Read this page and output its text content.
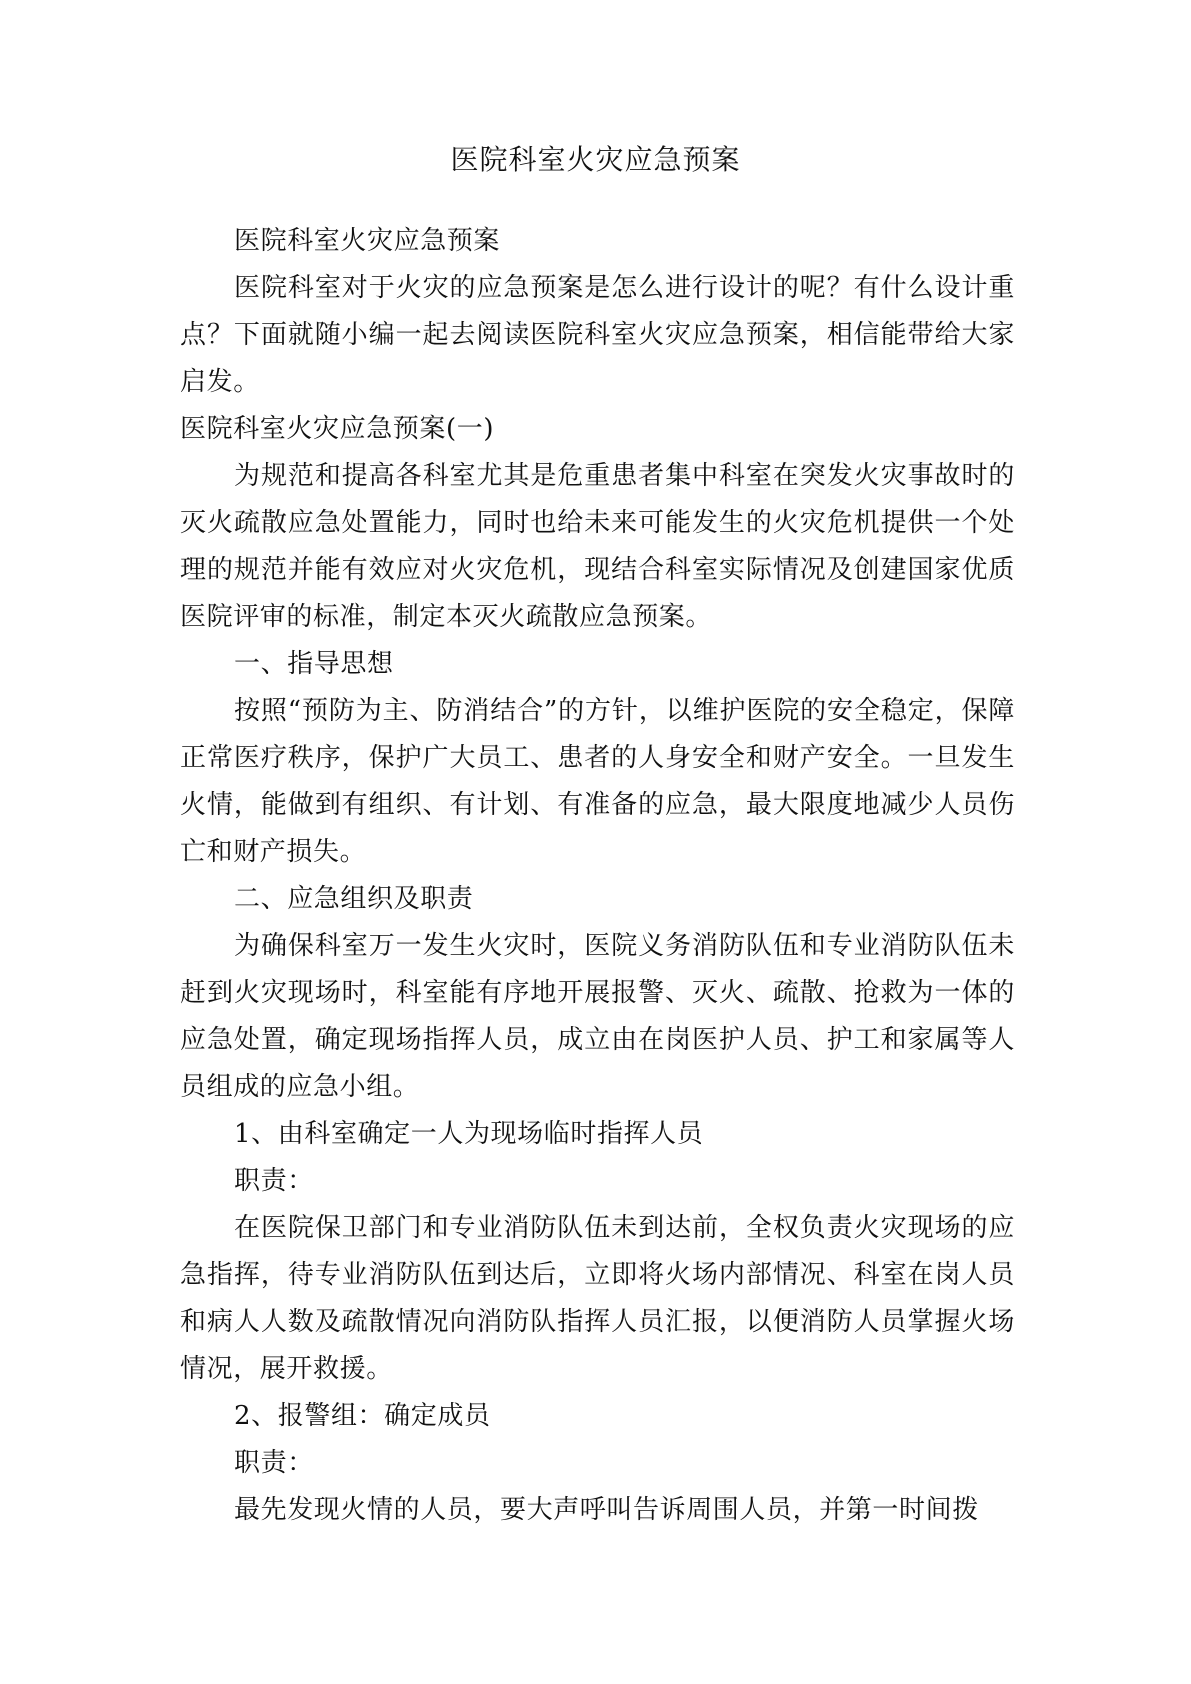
医院科室火灾应急预案

医院科室火灾应急预案

医院科室对于火灾的应急预案是怎么进行设计的呢？有什么设计重点？下面就随小编一起去阅读医院科室火灾应急预案，相信能带给大家启发。

医院科室火灾应急预案(一)

为规范和提高各科室尤其是危重患者集中科室在突发火灾事故时的灭火疏散应急处置能力，同时也给未来可能发生的火灾危机提供一个处理的规范并能有效应对火灾危机，现结合科室实际情况及创建国家优质医院评审的标准，制定本灭火疏散应急预案。

一、指导思想

按照“预防为主、防消结合”的方针，以维护医院的安全稳定，保障正常医疗秩序，保护广大员工、患者的人身安全和财产安全。一旦发生火情，能做到有组织、有计划、有准备的应急，最大限度地减少人员伤亡和财产损失。

二、应急组织及职责

为确保科室万一发生火灾时，医院义务消防队伍和专业消防队伍未赶到火灾现场时，科室能有序地开展报警、灭火、疏散、抢救为一体的应急处置，确定现场指挥人员，成立由在岗医护人员、护工和家属等人员组成的应急小组。

1、由科室确定一人为现场临时指挥人员

职责：

在医院保卫部门和专业消防队伍未到达前，全权负责火灾现场的应急指挥，待专业消防队伍到达后，立即将火场内部情况、科室在岗人员和病人人数及疏散情况向消防队指挥人员汇报，以便消防人员掌握火场情况，展开救援。

2、报警组：确定成员

职责：

最先发现火情的人员，要大声呼叫告诉周围人员，并第一时间拨
